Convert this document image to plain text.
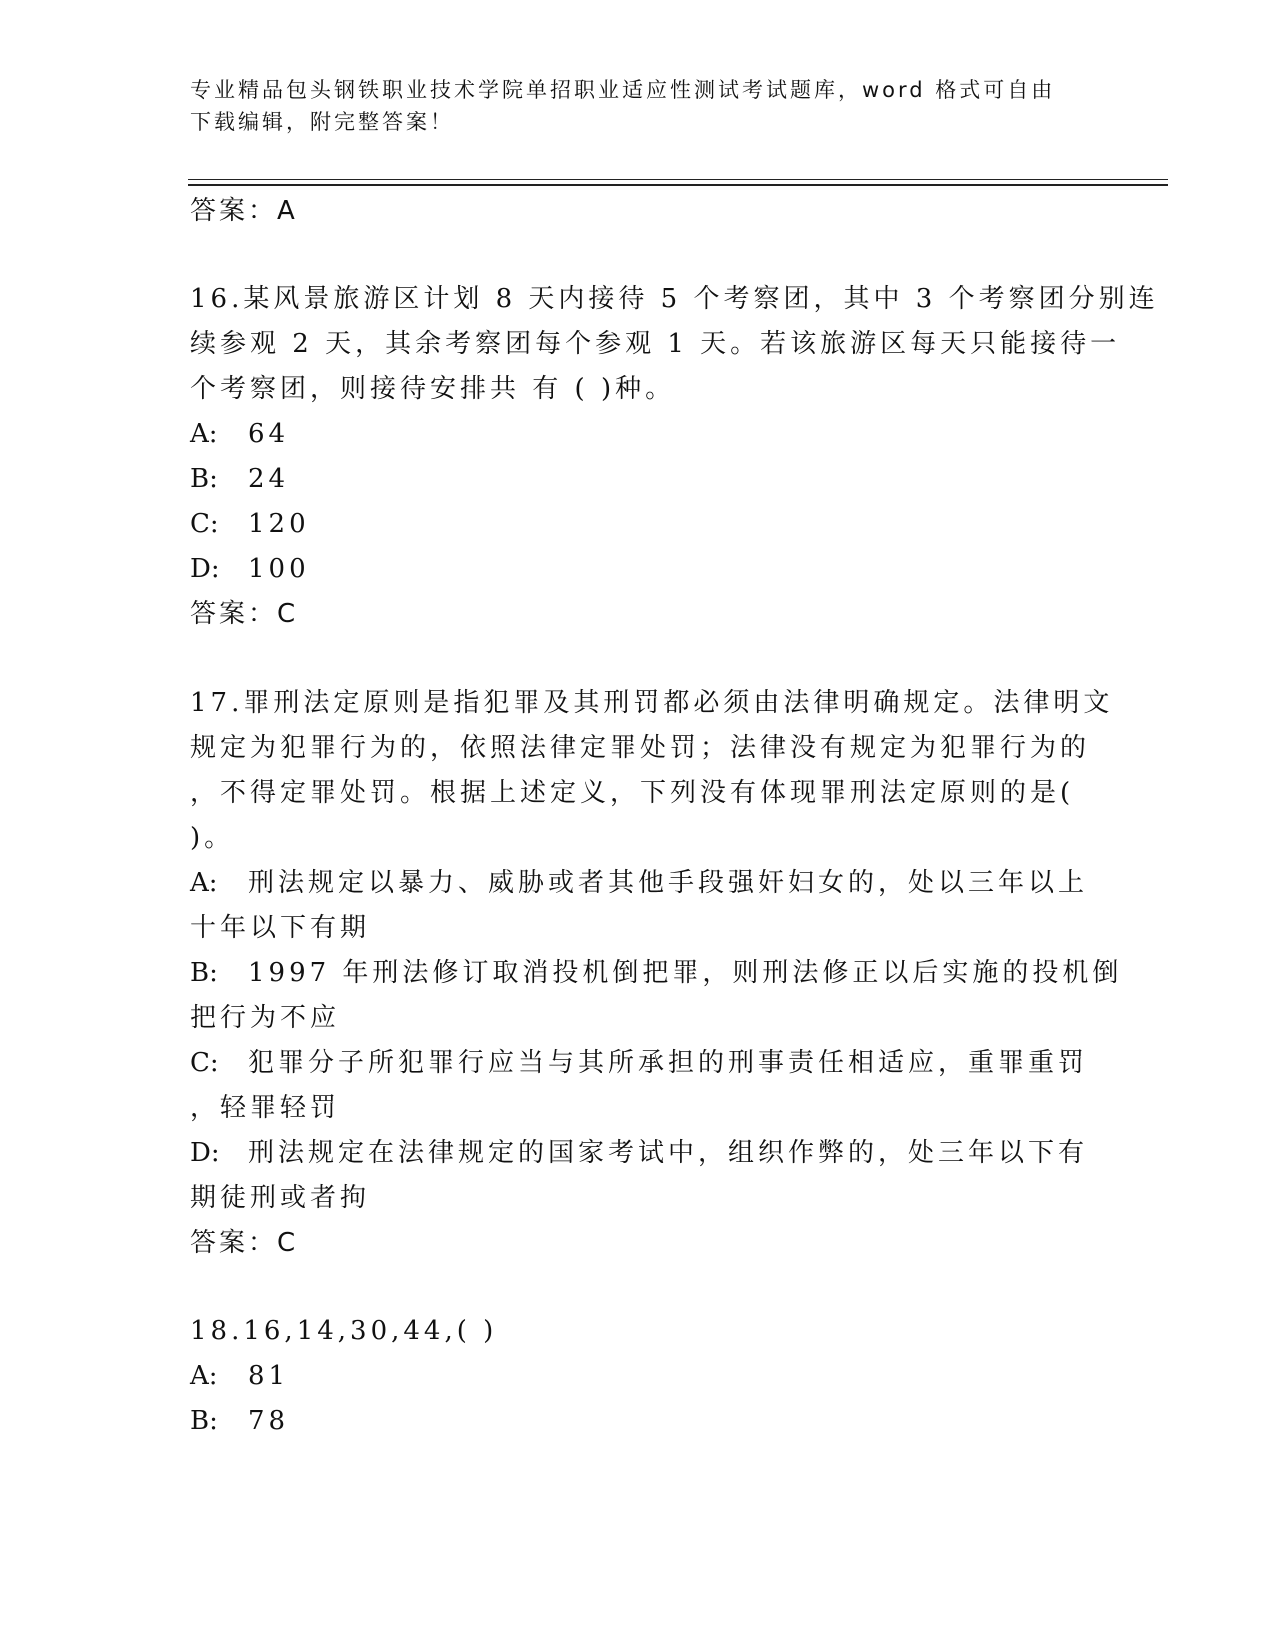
专业精品包头钢铁职业技术学院单招职业适应性测试考试题库，word 格式可自由
下载编辑，附完整答案！
答案：A
16.某风景旅游区计划 8 天内接待 5 个考察团，其中 3 个考察团分别连
续参观 2 天，其余考察团每个参观 1 天。若该旅游区每天只能接待一
个考察团，则接待安排共 有 ( )种。
A: 64
B: 24
C: 120
D: 100
答案：C
17.罪刑法定原则是指犯罪及其刑罚都必须由法律明确规定。法律明文
规定为犯罪行为的，依照法律定罪处罚；法律没有规定为犯罪行为的
，不得定罪处罚。根据上述定义，下列没有体现罪刑法定原则的是(
)。
A: 刑法规定以暴力、威胁或者其他手段强奸妇女的，处以三年以上
十年以下有期
B: 1997 年刑法修订取消投机倒把罪，则刑法修正以后实施的投机倒
把行为不应
C: 犯罪分子所犯罪行应当与其所承担的刑事责任相适应，重罪重罚
，轻罪轻罚
D: 刑法规定在法律规定的国家考试中，组织作弊的，处三年以下有
期徒刑或者拘
答案：C
18.16,14,30,44,( )
A: 81
B: 78
